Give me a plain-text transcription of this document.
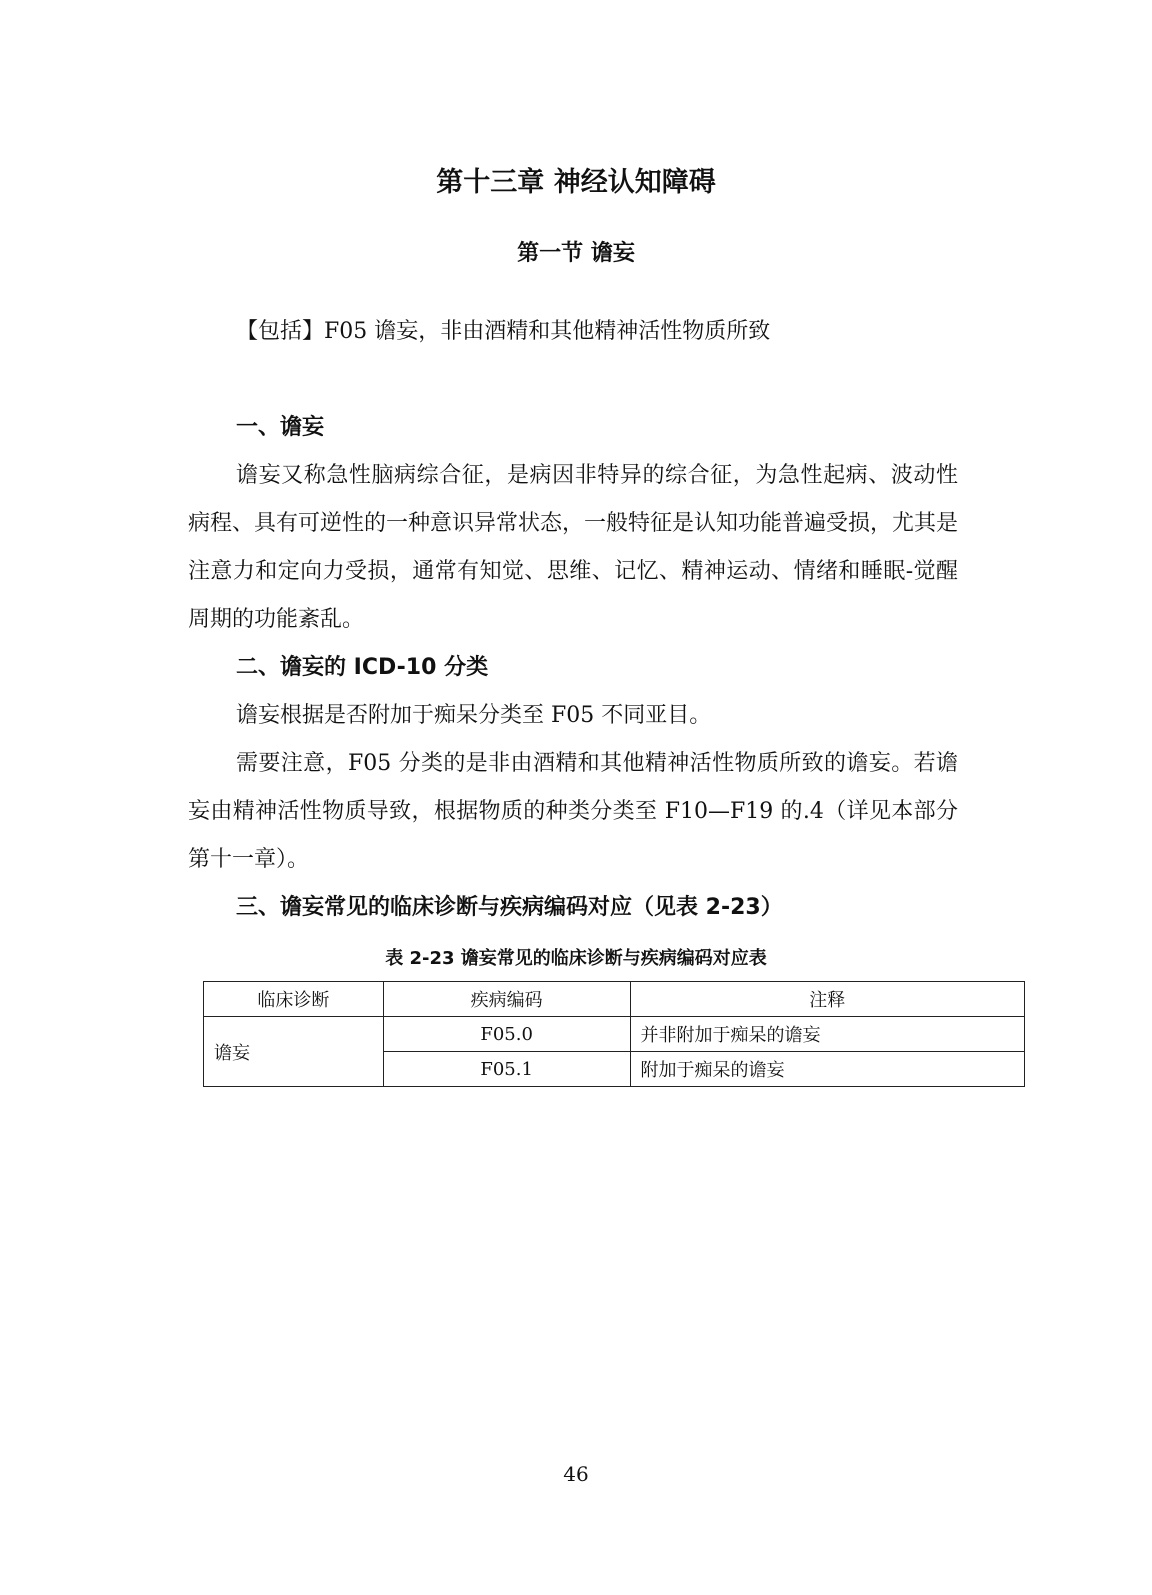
第十三章 神经认知障碍
第一节 谵妄
【包括】F05 谵妄，非由酒精和其他精神活性物质所致
一、谵妄

谵妄又称急性脑病综合征，是病因非特异的综合征，为急性起病、波动性病程、具有可逆性的一种意识异常状态，一般特征是认知功能普遍受损，尤其是注意力和定向力受损，通常有知觉、思维、记忆、精神运动、情绪和睡眠-觉醒周期的功能紊乱。

二、谵妄的 ICD-10 分类

谵妄根据是否附加于痴呆分类至 F05 不同亚目。

需要注意，F05 分类的是非由酒精和其他精神活性物质所致的谵妄。若谵妄由精神活性物质导致，根据物质的种类分类至 F10—F19 的.4（详见本部分第十一章）。

三、谵妄常见的临床诊断与疾病编码对应（见表 2-23）
表 2-23 谵妄常见的临床诊断与疾病编码对应表
临床诊断	疾病编码	注释
谵妄	F05.0	并非附加于痴呆的谵妄
	F05.1	附加于痴呆的谵妄
46
